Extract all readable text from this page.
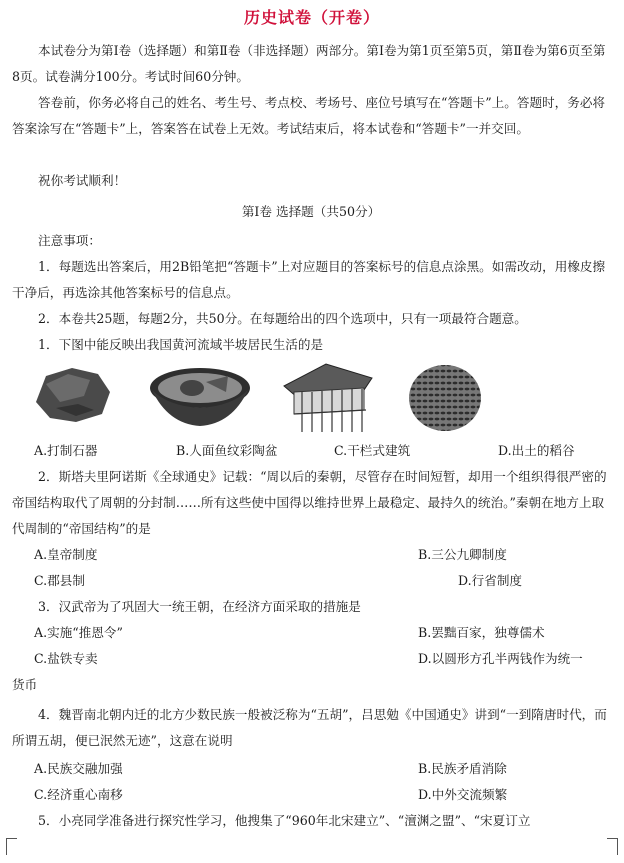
历史试卷（开卷）

本试卷分为第Ⅰ卷（选择题）和第Ⅱ卷（非选择题）两部分。第Ⅰ卷为第1页至第5页，第Ⅱ卷为第6页至第8页。试卷满分100分。考试时间60分钟。

答卷前，你务必将自己的姓名、考生号、考点校、考场号、座位号填写在“答题卡”上。答题时，务必将答案涂写在“答题卡”上，答案答在试卷上无效。考试结束后，将本试卷和“答题卡”一并交回。

祝你考试顺利！

第Ⅰ卷 选择题（共50分）

注意事项：

1．每题选出答案后，用2B铅笔把“答题卡”上对应题目的答案标号的信息点涂黑。如需改动，用橡皮擦干净后，再选涂其他答案标号的信息点。

2．本卷共25题，每题2分，共50分。在每题给出的四个选项中，只有一项最符合题意。

1．下图中能反映出我国黄河流域半坡居民生活的是

A.打制石器	B.人面鱼纹彩陶盆	C.干栏式建筑	D.出土的稻谷

2．斯塔夫里阿诺斯《全球通史》记载：“周以后的秦朝，尽管存在时间短暂，却用一个组织得很严密的帝国结构取代了周朝的分封制……所有这些使中国得以维持世界上最稳定、最持久的统治。”秦朝在地方上取代周制的“帝国结构”的是

A.皇帝制度	B.三公九卿制度
C.郡县制	D.行省制度

3．汉武帝为了巩固大一统王朝，在经济方面采取的措施是

A.实施“推恩令”	B.罢黜百家，独尊儒术
C.盐铁专卖	D.以圆形方孔半两钱作为统一

货币

4．魏晋南北朝内迁的北方少数民族一般被泛称为“五胡”，吕思勉《中国通史》讲到“一到隋唐时代，而所谓五胡，便已泯然无迹”，这意在说明

A.民族交融加强	B.民族矛盾消除
C.经济重心南移	D.中外交流频繁

5．小亮同学准备进行探究性学习，他搜集了“960年北宋建立”、“澶渊之盟”、“宋夏订立
